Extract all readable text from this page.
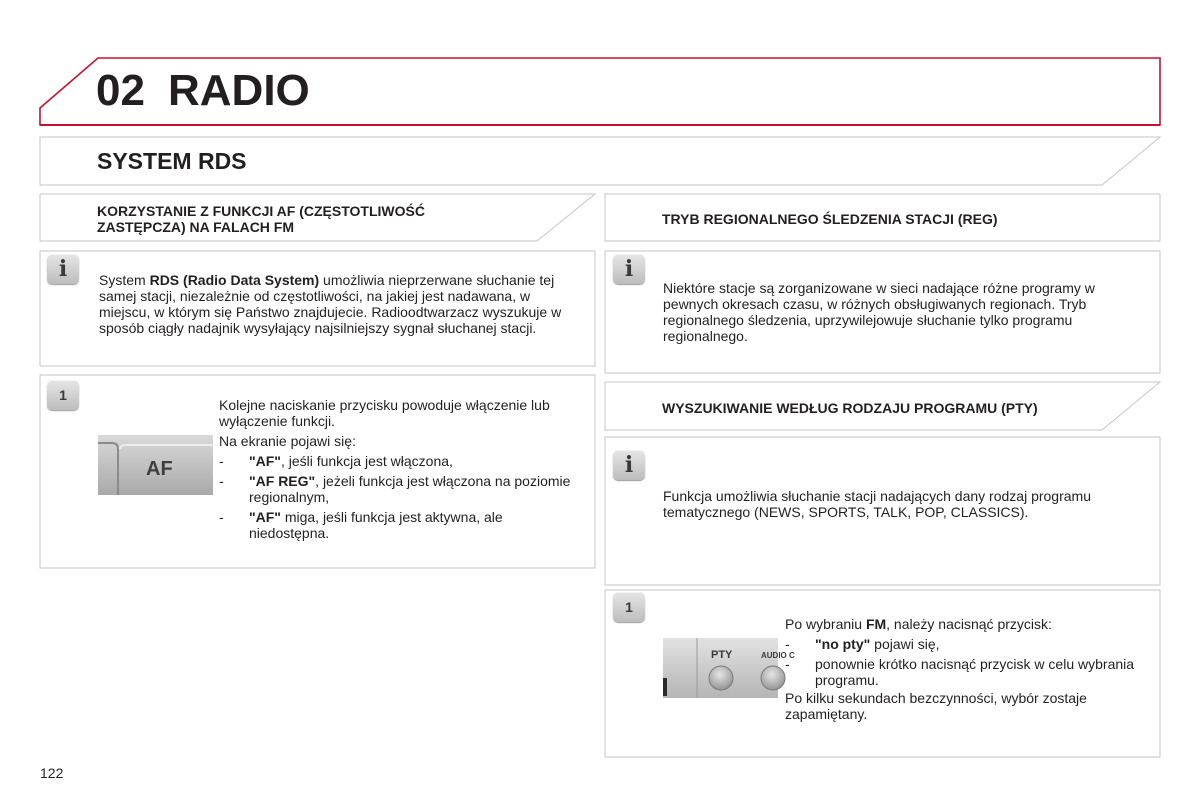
02 RADIO
SYSTEM RDS
KORZYSTANIE Z FUNKCJI AF (CZĘSTOTLIWOŚĆ ZASTĘPCZA) NA FALACH FM
i	System RDS (Radio Data System) umożliwia nieprzerwane słuchanie tej samej stacji, niezależnie od częstotliwości, na jakiej jest nadawana, w miejscu, w którym się Państwo znajdujecie. Radioodtwarzacz wyszukuje w sposób ciągły nadajnik wysyłający najsilniejszy sygnał słuchanej stacji.

1
AF

Kolejne naciskanie przycisku powoduje włączenie lub wyłączenie funkcji.

Na ekranie pojawi się:

- "AF", jeśli funkcja jest włączona,
- "AF REG", jeżeli funkcja jest włączona na poziomie regionalnym,
- "AF" miga, jeśli funkcja jest aktywna, ale niedostępna.
TRYB REGIONALNEGO ŚLEDZENIA STACJI (REG)
i
Niektóre stacje są zorganizowane w sieci nadające różne programy w pewnych okresach czasu, w różnych obsługiwanych regionach. Tryb regionalnego śledzenia, uprzywilejowuje słuchanie tylko programu regionalnego.
WYSZUKIWANIE WEDŁUG RODZAJU PROGRAMU (PTY)
i
Funkcja umożliwia słuchanie stacji nadających dany rodzaj programu tematycznego (NEWS, SPORTS, TALK, POP, CLASSICS).
1
PTY	AUDIO C

Po wybraniu FM, należy nacisnąć przycisk:

- "no pty" pojawi się,
- ponownie krótko nacisnąć przycisk w celu wybrania programu.

Po kilku sekundach bezczynności, wybór zostaje zapamiętany.

122
